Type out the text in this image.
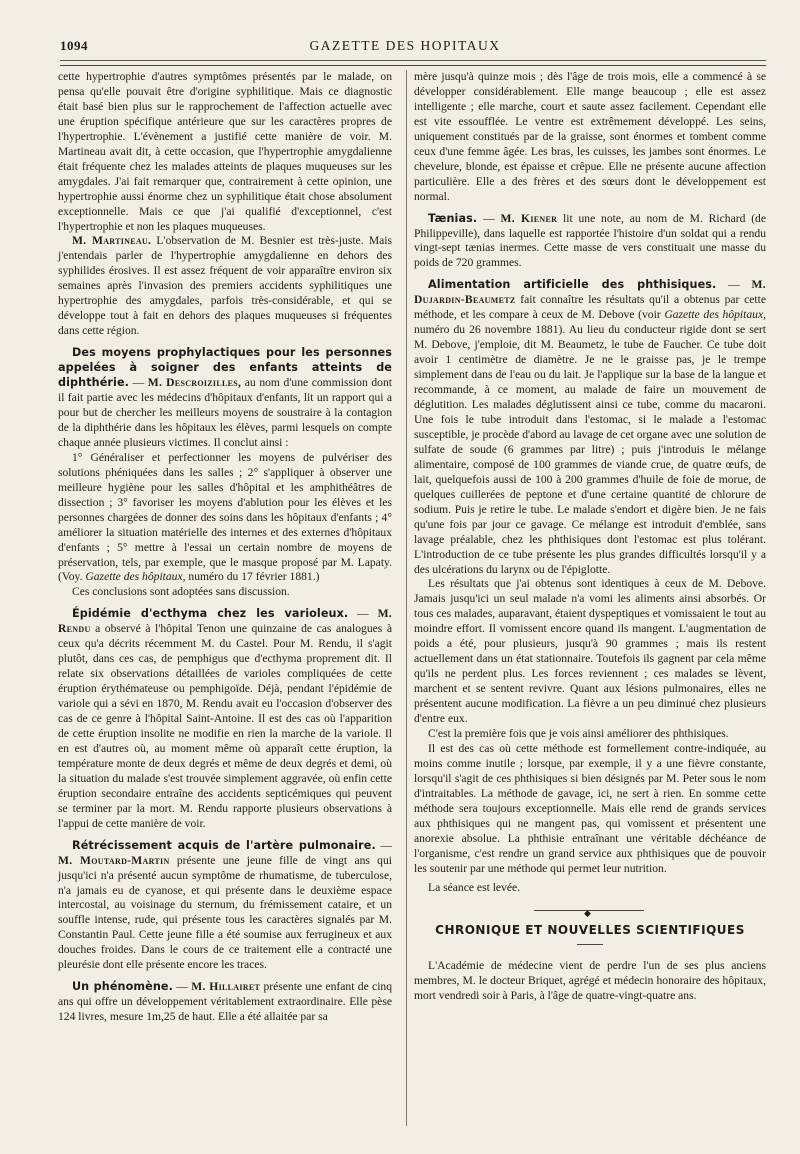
1094	GAZETTE DES HOPITAUX

cette hypertrophie d'autres symptômes présentés par le malade, on pensa qu'elle pouvait être d'origine syphilitique. Mais ce diagnostic était basé bien plus sur le rapprochement de l'affection actuelle avec une éruption spécifique antérieure que sur les caractères propres de l'hypertrophie. L'évènement a justifié cette manière de voir. M. Martineau avait dit, à cette occasion, que l'hypertrophie amygdalienne était fréquente chez les malades atteints de plaques muqueuses sur les amygdales. J'ai fait remarquer que, contrairement à cette opinion, une hypertrophie aussi énorme chez un syphilitique était chose absolument exceptionnelle. Mais ce que j'ai qualifié d'exceptionnel, c'est l'hypertrophie et non les plaques muqueuses.

M. Martineau. L'observation de M. Besnier est très-juste. Mais j'entendais parler de l'hypertrophie amygdalienne en dehors des syphilides érosives. Il est assez fréquent de voir apparaître environ six semaines après l'invasion des premiers accidents syphilitiques une hypertrophie des amygdales, parfois très-considérable, et qui se développe tout à fait en dehors des plaques muqueuses si fréquentes dans cette région.

Des moyens prophylactiques pour les personnes appelées à soigner des enfants atteints de diphthérie. — M. Descroizilles, au nom d'une commission dont il fait partie avec les médecins d'hôpitaux d'enfants, lit un rapport qui a pour but de chercher les meilleurs moyens de soustraire à la contagion de la diphthérie dans les hôpitaux les élèves, parmi lesquels on compte chaque année plusieurs victimes. Il conclut ainsi :

1° Généraliser et perfectionner les moyens de pulvériser des solutions phéniquées dans les salles ; 2° s'appliquer à observer une meilleure hygiène pour les salles d'hôpital et les amphithéâtres de dissection ; 3° favoriser les moyens d'ablution pour les élèves et les personnes chargées de donner des soins dans les hôpitaux d'enfants ; 4° améliorer la situation matérielle des internes et des externes d'hôpitaux d'enfants ; 5° mettre à l'essai un certain nombre de moyens de préservation, tels, par exemple, que le masque proposé par M. Lapaty. (Voy. Gazette des hôpitaux, numéro du 17 février 1881.)

Ces conclusions sont adoptées sans discussion.

Épidémie d'ecthyma chez les varioleux. — M. Rendu a observé à l'hôpital Tenon une quinzaine de cas analogues à ceux qu'a décrits récemment M. du Castel. Pour M. Rendu, il s'agit plutôt, dans ces cas, de pemphigus que d'ecthyma proprement dit. Il relate six observations détaillées de varioles compliquées de cette éruption érythémateuse ou pemphigoïde. Déjà, pendant l'épidémie de variole qui a sévi en 1870, M. Rendu avait eu l'occasion d'observer des cas de ce genre à l'hôpital Saint-Antoine. Il est des cas où l'apparition de cette éruption insolite ne modifie en rien la marche de la variole. Il en est d'autres où, au moment même où apparaît cette éruption, la température monte de deux degrés et même de deux degrés et demi, où la situation du malade s'est trouvée simplement aggravée, où enfin cette éruption secondaire entraîne des accidents septicémiques qui peuvent se terminer par la mort. M. Rendu rapporte plusieurs observations à l'appui de cette manière de voir.

Rétrécissement acquis de l'artère pulmonaire. — M. Moutard-Martin présente une jeune fille de vingt ans qui jusqu'ici n'a présenté aucun symptôme de rhumatisme, de tuberculose, n'a jamais eu de cyanose, et qui présente dans le deuxième espace intercostal, au voisinage du sternum, du frémissement cataire, et un souffle intense, rude, qui présente tous les caractères signalés par M. Constantin Paul. Cette jeune fille a été soumise aux ferrugineux et aux douches froides. Dans le cours de ce traitement elle a contracté une pleurésie dont elle présente encore les traces.

Un phénomène. — M. Hillairet présente une enfant de cinq ans qui offre un développement véritablement extraordinaire. Elle pèse 124 livres, mesure 1m,25 de haut. Elle a été allaitée par sa

mère jusqu'à quinze mois ; dès l'âge de trois mois, elle a commencé à se développer considérablement. Elle mange beaucoup ; elle est assez intelligente ; elle marche, court et saute assez facilement. Cependant elle est vite essoufflée. Le ventre est extrêmement développé. Les seins, uniquement constitués par de la graisse, sont énormes et tombent comme ceux d'une femme âgée. Les bras, les cuisses, les jambes sont énormes. Le chevelure, blonde, est épaisse et crêpue. Elle ne présente aucune affection particulière. Elle a des frères et des sœurs dont le développement est normal.

Tænias. — M. Kiener lit une note, au nom de M. Richard (de Philippeville), dans laquelle est rapportée l'histoire d'un soldat qui a rendu vingt-sept tænias inermes. Cette masse de vers constituait une masse du poids de 720 grammes.

Alimentation artificielle des phthisiques. — M. Dujardin-Beaumetz fait connaître les résultats qu'il a obtenus par cette méthode, et les compare à ceux de M. Debove (voir Gazette des hôpitaux, numéro du 26 novembre 1881). Au lieu du conducteur rigide dont se sert M. Debove, j'emploie, dit M. Beaumetz, le tube de Faucher. Ce tube doit avoir 1 centimètre de diamètre. Je ne le graisse pas, je le trempe simplement dans de l'eau ou du lait. Je l'applique sur la base de la langue et recommande, à ce moment, au malade de faire un mouvement de déglutition. Les malades déglutissent ainsi ce tube, comme du macaroni. Une fois le tube introduit dans l'estomac, si le malade a l'estomac susceptible, je procède d'abord au lavage de cet organe avec une solution de sulfate de soude (6 grammes par litre) ; puis j'introduis le mélange alimentaire, composé de 100 grammes de viande crue, de quatre œufs, de lait, quelquefois aussi de 100 à 200 grammes d'huile de foie de morue, de quelques cuillerées de peptone et d'une certaine quantité de chlorure de sodium. Puis je retire le tube. Le malade s'endort et digère bien. Je ne fais qu'une fois par jour ce gavage. Ce mélange est introduit d'emblée, sans lavage préalable, chez les phthisiques dont l'estomac est plus tolérant. L'introduction de ce tube présente les plus grandes difficultés lorsqu'il y a des ulcérations du larynx ou de l'épiglotte.

Les résultats que j'ai obtenus sont identiques à ceux de M. Debove. Jamais jusqu'ici un seul malade n'a vomi les aliments ainsi absorbés. Or tous ces malades, auparavant, étaient dyspeptiques et vomissaient le tout au moindre effort. Il vomissent encore quand ils mangent. L'augmentation de poids a été, pour plusieurs, jusqu'à 90 grammes ; mais ils restent actuellement dans un état stationnaire. Toutefois ils gagnent par cela même qu'ils ne perdent plus. Les forces reviennent ; ces malades se lèvent, marchent et se sentent revivre. Quant aux lésions pulmonaires, elles ne présentent aucune modification. La fièvre a un peu diminué chez plusieurs d'entre eux.

C'est la première fois que je vois ainsi améliorer des phthisiques.

Il est des cas où cette méthode est formellement contre-indiquée, au moins comme inutile ; lorsque, par exemple, il y a une fièvre constante, lorsqu'il s'agit de ces phthisiques si bien désignés par M. Peter sous le nom d'intraitables. La méthode de gavage, ici, ne sert à rien. En somme cette méthode sera toujours exceptionnelle. Mais elle rend de grands services aux phthisiques qui ne mangent pas, qui vomissent et présentent une anorexie absolue. La phthisie entraînant une véritable déchéance de l'organisme, c'est rendre un grand service aux phthisiques que de pouvoir les soutenir par une méthode qui permet leur nutrition.

La séance est levée.

◆
CHRONIQUE ET NOUVELLES SCIENTIFIQUES

L'Académie de médecine vient de perdre l'un de ses plus anciens membres, M. le docteur Briquet, agrégé et médecin honoraire des hôpitaux, mort vendredi soir à Paris, à l'âge de quatre-vingt-quatre ans.
